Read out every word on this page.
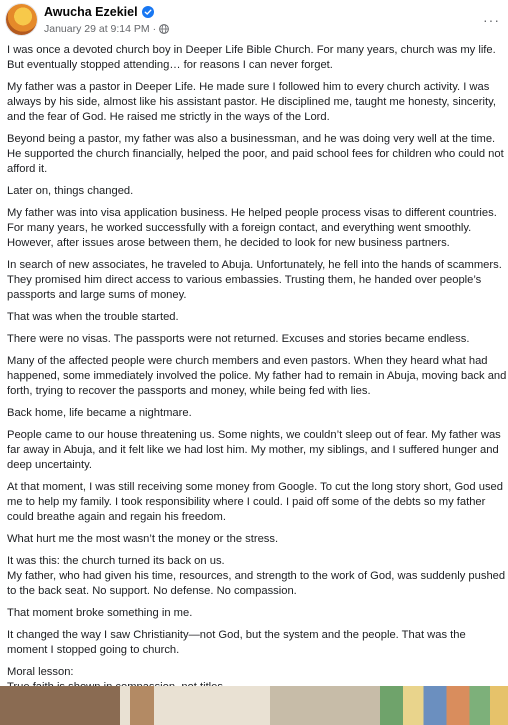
Awucha Ezekiel
January 29 at 9:14 PM ·
···

I was once a devoted church boy in Deeper Life Bible Church. For many years, church was my life. But eventually stopped attending… for reasons I can never forget.

My father was a pastor in Deeper Life. He made sure I followed him to every church activity. I was always by his side, almost like his assistant pastor. He disciplined me, taught me honesty, sincerity, and the fear of God. He raised me strictly in the ways of the Lord.

Beyond being a pastor, my father was also a businessman, and he was doing very well at the time. He supported the church financially, helped the poor, and paid school fees for children who could not afford it.

Later on, things changed.

My father was into visa application business. He helped people process visas to different countries. For many years, he worked successfully with a foreign contact, and everything went smoothly. However, after issues arose between them, he decided to look for new business partners.

In search of new associates, he traveled to Abuja. Unfortunately, he fell into the hands of scammers. They promised him direct access to various embassies. Trusting them, he handed over people’s passports and large sums of money.

That was when the trouble started.

There were no visas. The passports were not returned. Excuses and stories became endless.

Many of the affected people were church members and even pastors. When they heard what had happened, some immediately involved the police. My father had to remain in Abuja, moving back and forth, trying to recover the passports and money, while being fed with lies.

Back home, life became a nightmare.

People came to our house threatening us. Some nights, we couldn’t sleep out of fear. My father was far away in Abuja, and it felt like we had lost him. My mother, my siblings, and I suffered hunger and deep uncertainty.

At that moment, I was still receiving some money from Google. To cut the long story short, God used me to help my family. I took responsibility where I could. I paid off some of the debts so my father could breathe again and regain his freedom.

What hurt me the most wasn’t the money or the stress.

It was this: the church turned its back on us.

My father, who had given his time, resources, and strength to the work of God, was suddenly pushed to the back seat. No support. No defense. No compassion.

That moment broke something in me.

It changed the way I saw Christianity—not God, but the system and the people. That was the moment I stopped going to church.

Moral lesson:
